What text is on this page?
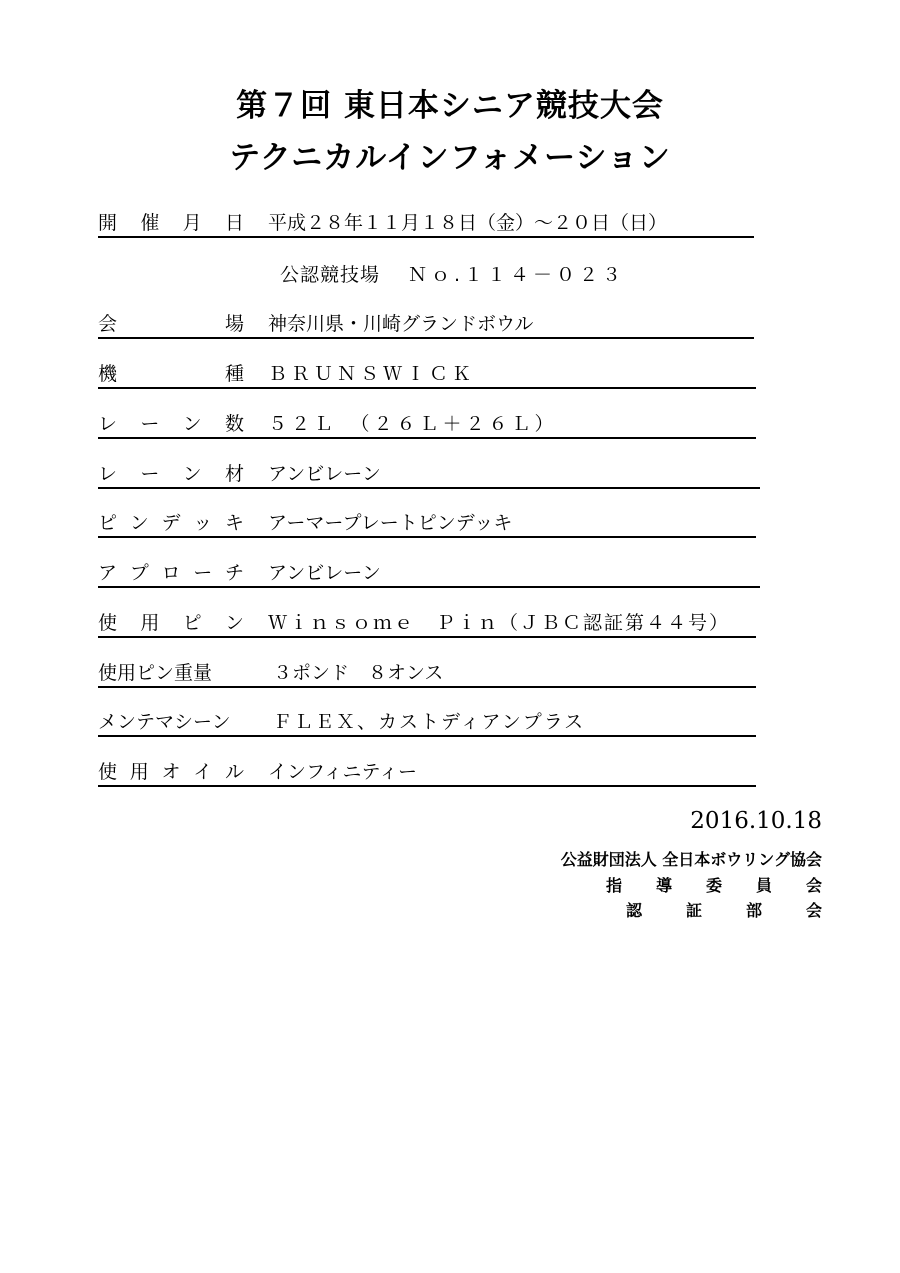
第７回 東日本シニア競技大会
テクニカルインフォメーション
開 催 月 日 平成２８年１１月１８日（金）～２０日（日）
公認競技場 Ｎｏ.１１４－０２３
会	場 神奈川県・川崎グランドボウル
機	種 ＢＲＵＮＳＷＩＣＫ
レ ー ン 数 ５２Ｌ　（２６Ｌ＋２６Ｌ）
レ ー ン 材 アンビレーン
ピ ン デ ッ キ アーマープレートピンデッキ
ア プ ロ ー チ アンビレーン
使 用 ピ ン Ｗｉｎｓｏｍｅ　Ｐｉｎ（ＪＢＣ認証第４４号）
使用ピン重量	３ポンド　８オンス
メンテマシーン ＦＬＥＸ、カストディアンプラス
使 用 オ イ ル インフィニティー
2016.10.18
公益財団法人 全日本ボウリング協会
指 導 委 員 会
認	証	部	会
